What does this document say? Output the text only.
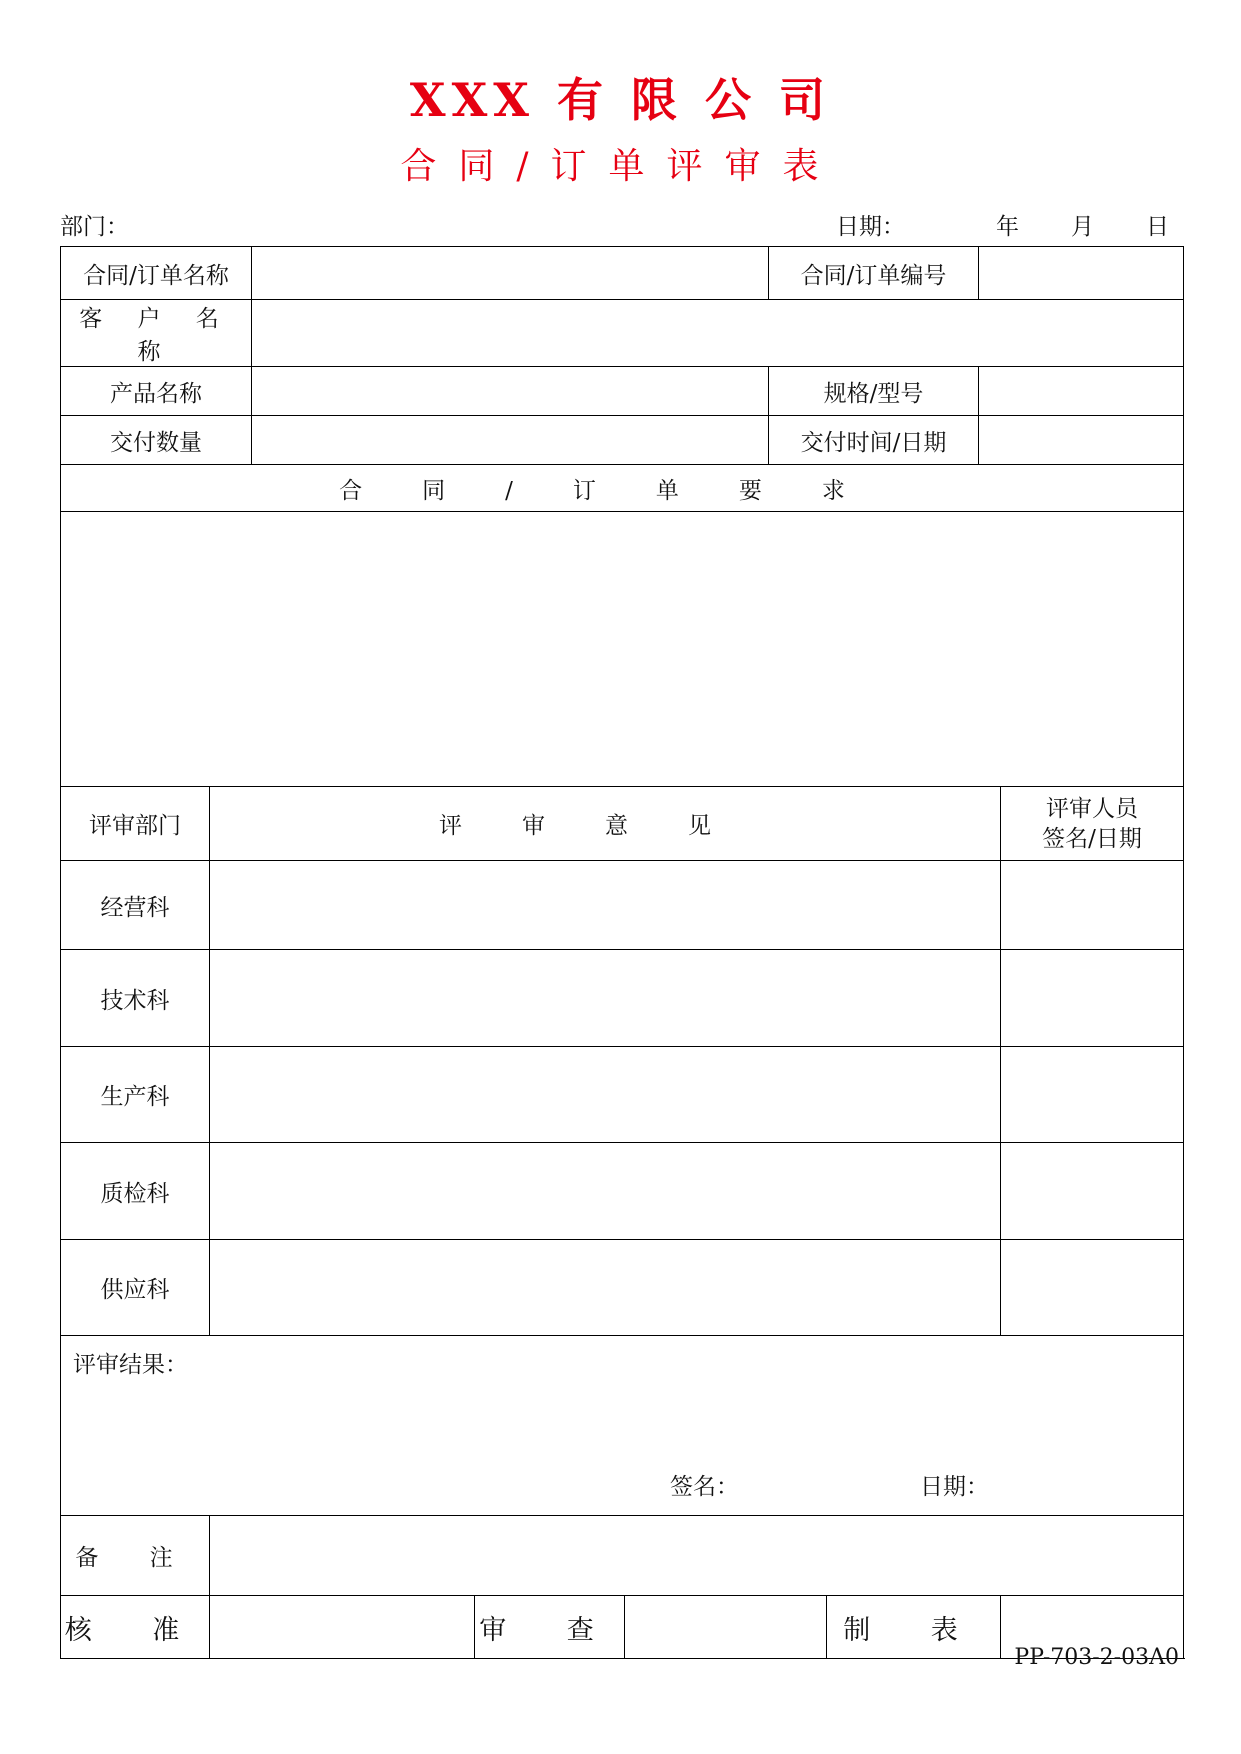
XXX 有 限 公 司
合同/订单评审表
部门：	日期：	年 月 日
合同/订单名称					合同/订单编号			
客 户 名 称								
产品名称					规格/型号			
交付数量					交付时间/日期			
合同/订单要求								

评审部门	评审意见							评审人员
签名/日期

经营科								
技术科								
生产科								
质检科								
供应科								
评审结果：
签名： 日期：								

备 注								
核 准			审 查			制 表		
PP-703-2-03A0
